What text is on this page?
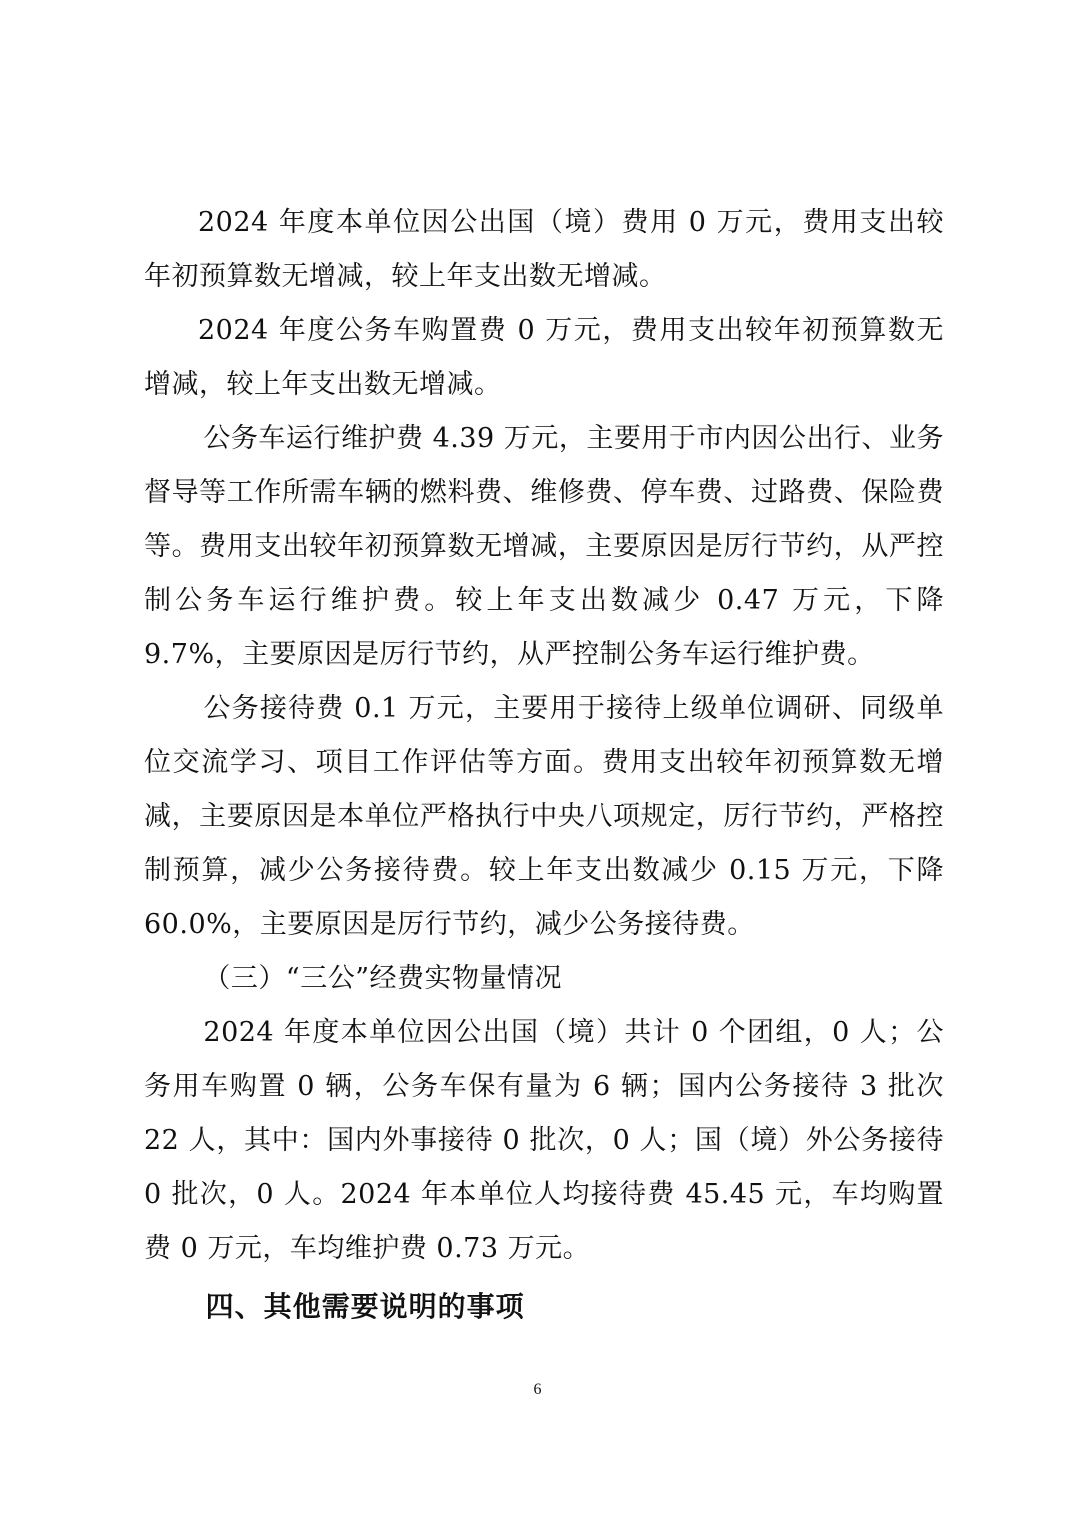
2024 年度本单位因公出国（境）费用 0 万元，费用支出较年初预算数无增减，较上年支出数无增减。

2024 年度公务车购置费 0 万元，费用支出较年初预算数无增减，较上年支出数无增减。

公务车运行维护费 4.39 万元，主要用于市内因公出行、业务督导等工作所需车辆的燃料费、维修费、停车费、过路费、保险费等。费用支出较年初预算数无增减，主要原因是厉行节约，从严控制公务车运行维护费。较上年支出数减少 0.47 万元，下降 9.7%，主要原因是厉行节约，从严控制公务车运行维护费。

公务接待费 0.1 万元，主要用于接待上级单位调研、同级单位交流学习、项目工作评估等方面。费用支出较年初预算数无增减，主要原因是本单位严格执行中央八项规定，厉行节约，严格控制预算，减少公务接待费。较上年支出数减少 0.15 万元，下降 60.0%，主要原因是厉行节约，减少公务接待费。

（三）“三公”经费实物量情况

2024 年度本单位因公出国（境）共计 0 个团组，0 人；公务用车购置 0 辆，公务车保有量为 6 辆；国内公务接待 3 批次 22 人，其中：国内外事接待 0 批次，0 人；国（境）外公务接待 0 批次，0 人。2024 年本单位人均接待费 45.45 元，车均购置费 0 万元，车均维护费 0.73 万元。

四、其他需要说明的事项

6
